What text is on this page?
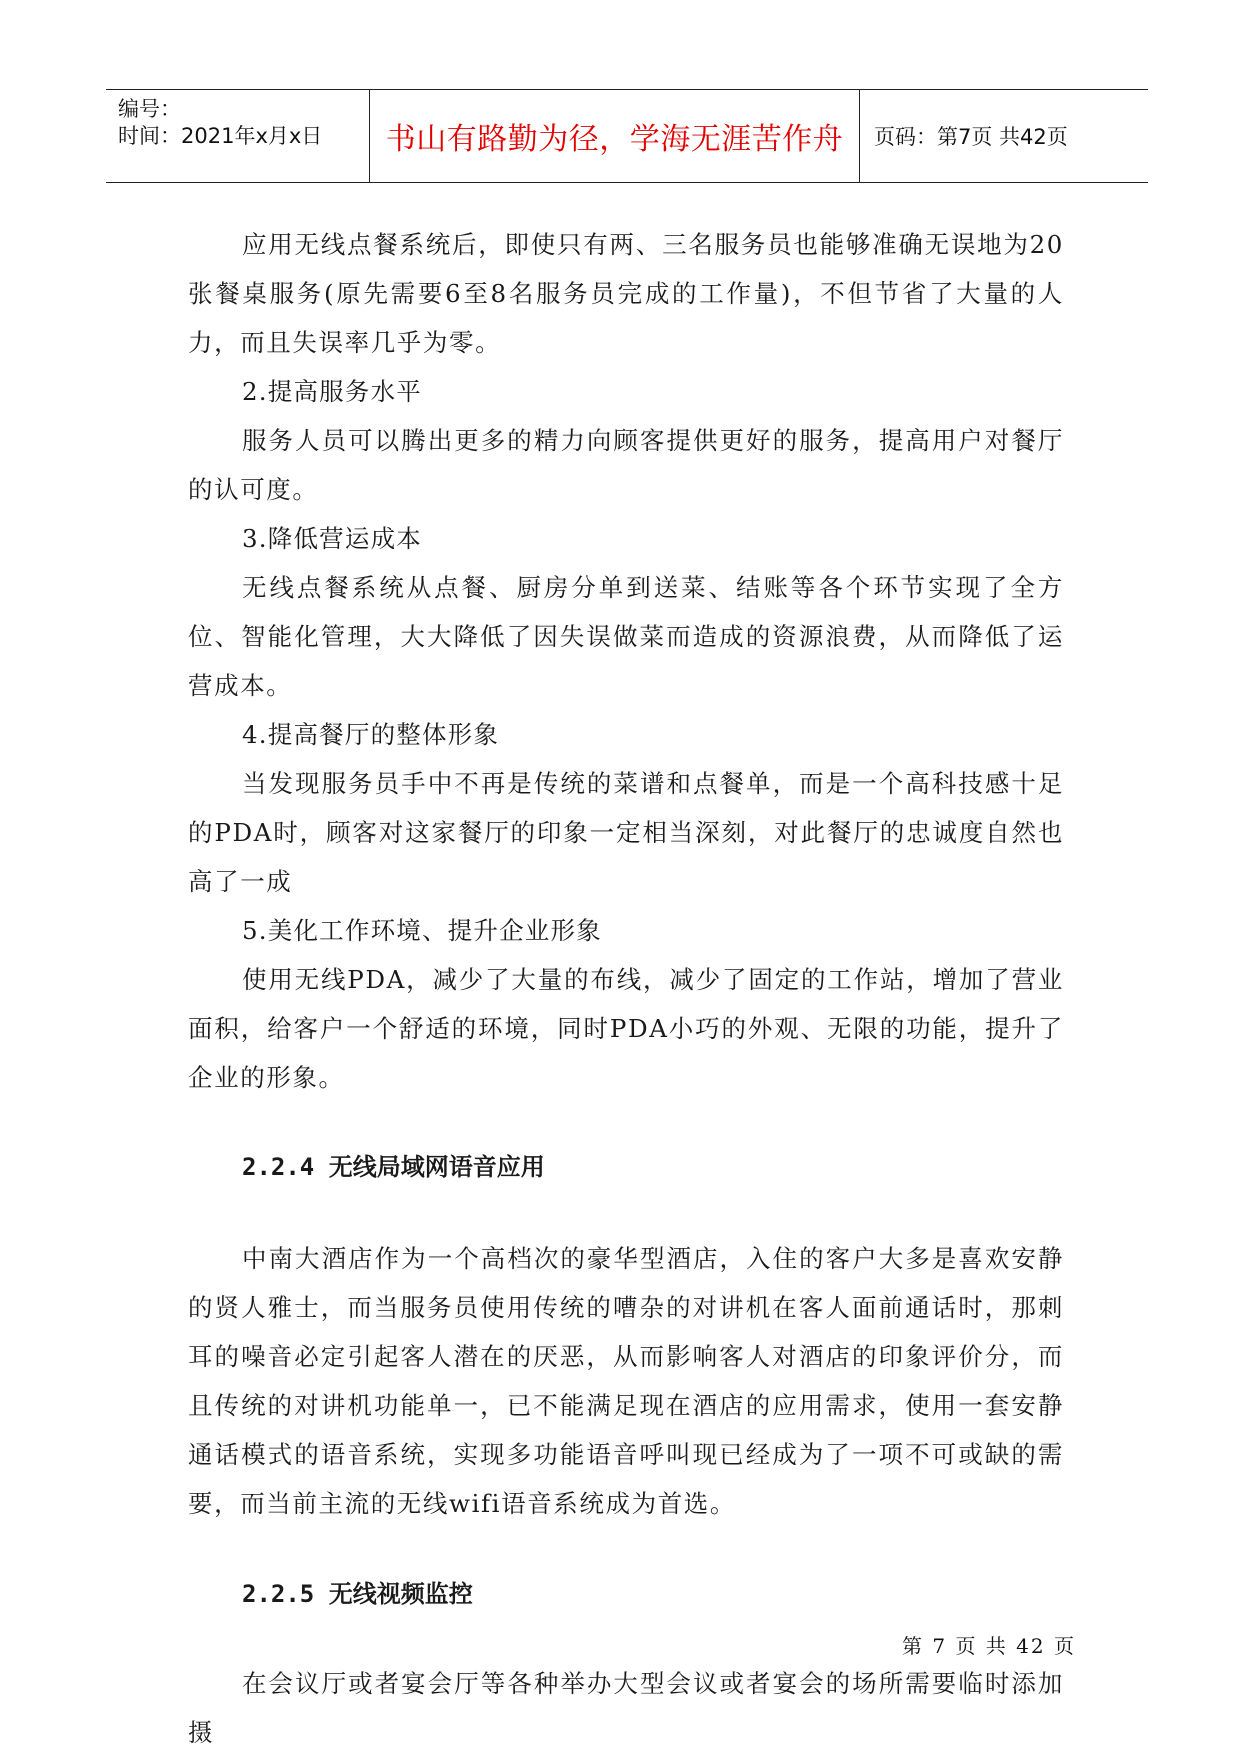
编号：
时间：2021年x月x日 书山有路勤为径，学海无涯苦作舟 页码：第7页 共42页

应用无线点餐系统后，即使只有两、三名服务员也能够准确无误地为20张餐桌服务(原先需要6至8名服务员完成的工作量)，不但节省了大量的人力，而且失误率几乎为零。

2.提高服务水平

服务人员可以腾出更多的精力向顾客提供更好的服务，提高用户对餐厅的认可度。

3.降低营运成本

无线点餐系统从点餐、厨房分单到送菜、结账等各个环节实现了全方位、智能化管理，大大降低了因失误做菜而造成的资源浪费，从而降低了运营成本。

4.提高餐厅的整体形象

当发现服务员手中不再是传统的菜谱和点餐单，而是一个高科技感十足的PDA时，顾客对这家餐厅的印象一定相当深刻，对此餐厅的忠诚度自然也高了一成

5.美化工作环境、提升企业形象

使用无线PDA，减少了大量的布线，减少了固定的工作站，增加了营业面积，给客户一个舒适的环境，同时PDA小巧的外观、无限的功能，提升了企业的形象。

2.2.4 无线局域网语音应用

中南大酒店作为一个高档次的豪华型酒店，入住的客户大多是喜欢安静的贤人雅士，而当服务员使用传统的嘈杂的对讲机在客人面前通话时，那刺耳的噪音必定引起客人潜在的厌恶，从而影响客人对酒店的印象评价分，而且传统的对讲机功能单一，已不能满足现在酒店的应用需求，使用一套安静通话模式的语音系统，实现多功能语音呼叫现已经成为了一项不可或缺的需要，而当前主流的无线wifi语音系统成为首选。

2.2.5 无线视频监控

在会议厅或者宴会厅等各种举办大型会议或者宴会的场所需要临时添加摄

第 7 页 共 42 页
